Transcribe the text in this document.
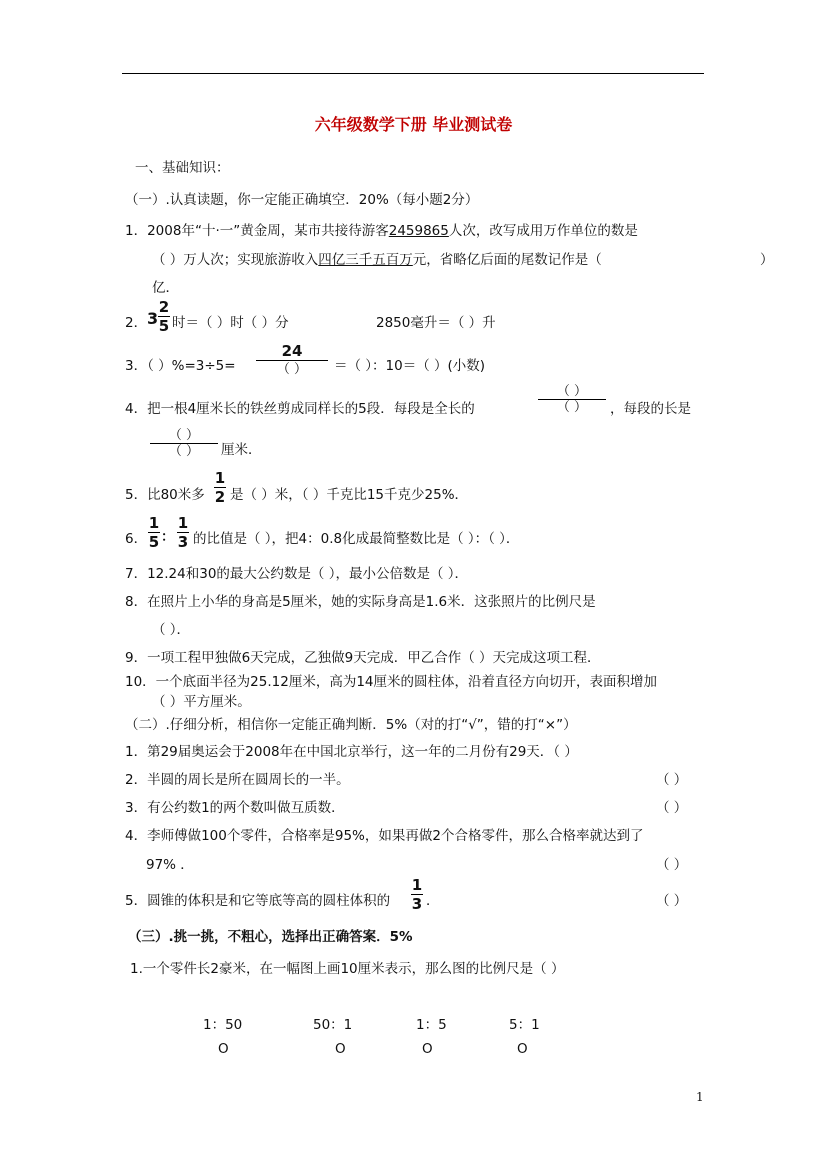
六年级数学下册 毕业测试卷
一、基础知识：
（一）.认真读题，你一定能正确填空．20%（每小题2分）
1．2008年“十·一”黄金周，某市共接待游客2459865人次，改写成用万作单位的数是
（ ）万人次；实现旅游收入四亿三千五百万元，省略亿后面的尾数记作是（	）
亿．
2． 3
2
5 时＝（ ）时（ ）分	2850毫升＝（ ）升
3．（ ）%=3÷5=
24
（ ）	＝（ ）：10＝（ ）(小数)
4．把一根4厘米长的铁丝剪成同样长的5段．每段是全长的
（ ）
（ ）	，每段的长是
（ ）
（ ）	厘米．
5．比80米多
1
2 是（ ）米，（ ）千克比15千克少25%．
6．
1
5 ：
1
3 的比值是（ ），把4：0.8化成最简整数比是（ ）：（ ）．
7．12.24和30的最大公约数是（ ），最小公倍数是（ ）．
8．在照片上小华的身高是5厘米，她的实际身高是1.6米．这张照片的比例尺是
（ ）．
9．一项工程甲独做6天完成，乙独做9天完成．甲乙合作（ ）天完成这项工程．
10．一个底面半径为25.12厘米，高为14厘米的圆柱体，沿着直径方向切开，表面积增加
（ ）平方厘米。
（二）.仔细分析，相信你一定能正确判断．5%（对的打“√”，错的打“×”）
1．第29届奥运会于2008年在中国北京举行，这一年的二月份有29天．（ ）
2．半圆的周长是所在圆周长的一半。	（ ）
3．有公约数1的两个数叫做互质数．	（ ）
4．李师傅做100个零件，合格率是95%，如果再做2个合格零件，那么合格率就达到了
97% ．	（ ）
5．圆锥的体积是和它等底等高的圆柱体积的
1
3 ．	（ ）
（三）.挑一挑，不粗心，选择出正确答案．5%
1.一个零件长2豪米，在一幅图上画10厘米表示，那么图的比例尺是（ ）
1：50	50：1	1：5	5：1
O	O	O	O
1
